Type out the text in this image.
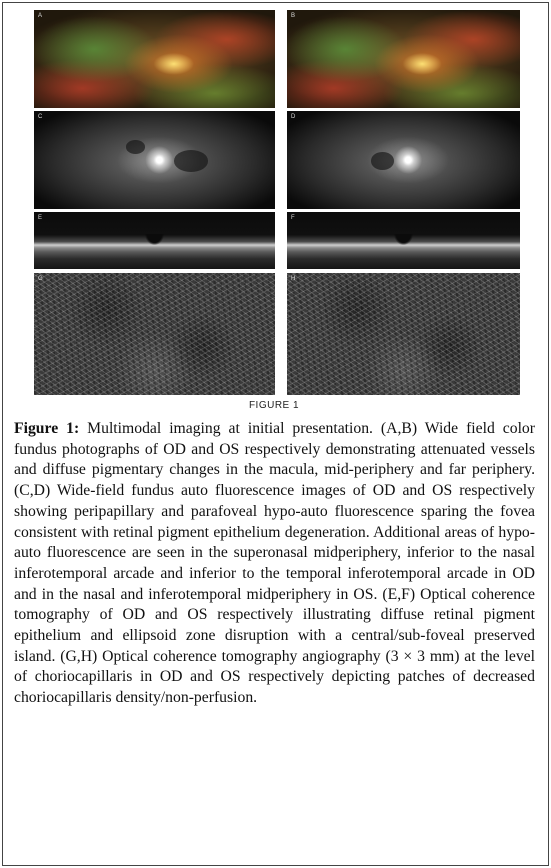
A	B
C	D
E	F
G	H
FIGURE 1

Figure 1: Multimodal imaging at initial presentation. (A,B) Wide field color fundus photographs of OD and OS respectively demonstrating attenuated vessels and diffuse pigmentary changes in the macula, mid-periphery and far periphery. (C,D) Wide-field fundus auto fluorescence images of OD and OS respectively showing peripapillary and parafoveal hypo-auto fluorescence sparing the fovea consistent with retinal pigment epithelium degeneration. Additional areas of hypo-auto fluorescence are seen in the superonasal midperiphery, inferior to the nasal inferotemporal arcade and inferior to the temporal inferotemporal arcade in OD and in the nasal and inferotemporal midperiphery in OS. (E,F) Optical coherence tomography of OD and OS respectively illustrating diffuse retinal pigment epithelium and ellipsoid zone disruption with a central/sub-foveal preserved island. (G,H) Optical coherence tomography angiography (3 × 3 mm) at the level of choriocapillaris in OD and OS respectively depicting patches of decreased choriocapillaris density/non-perfusion.
